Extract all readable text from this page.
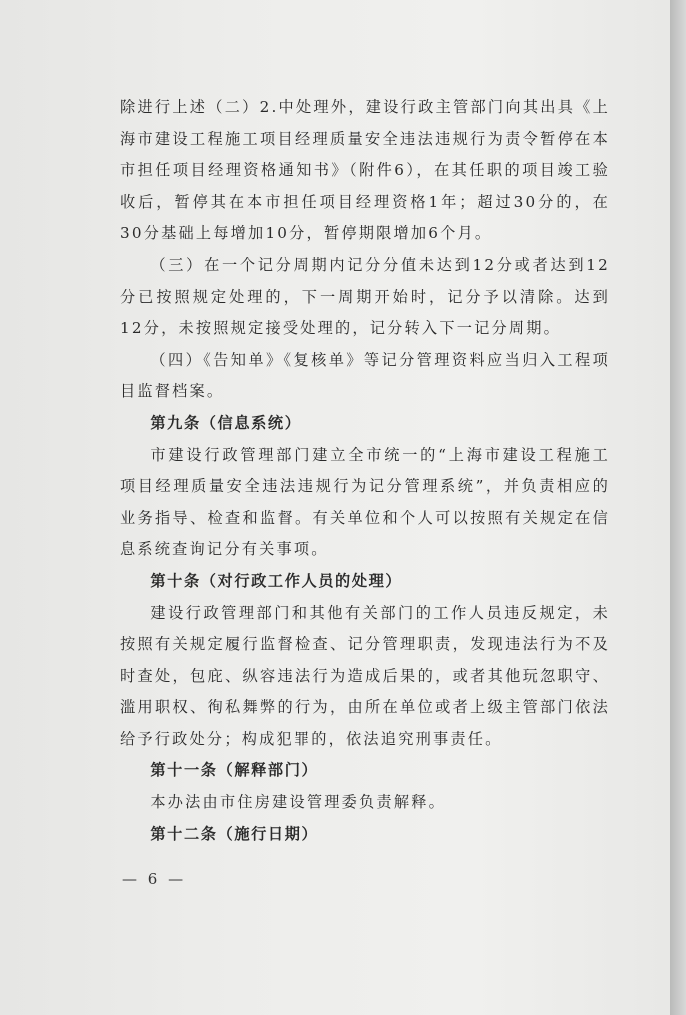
除进行上述（二）2.中处理外，建设行政主管部门向其出具《上海市建设工程施工项目经理质量安全违法违规行为责令暂停在本市担任项目经理资格通知书》（附件6），在其任职的项目竣工验收后，暂停其在本市担任项目经理资格1年；超过30分的，在30分基础上每增加10分，暂停期限增加6个月。

（三）在一个记分周期内记分分值未达到12分或者达到12分已按照规定处理的，下一周期开始时，记分予以清除。达到12分，未按照规定接受处理的，记分转入下一记分周期。

（四）《告知单》《复核单》等记分管理资料应当归入工程项目监督档案。

第九条（信息系统）

市建设行政管理部门建立全市统一的“上海市建设工程施工项目经理质量安全违法违规行为记分管理系统”，并负责相应的业务指导、检查和监督。有关单位和个人可以按照有关规定在信息系统查询记分有关事项。

第十条（对行政工作人员的处理）

建设行政管理部门和其他有关部门的工作人员违反规定，未按照有关规定履行监督检查、记分管理职责，发现违法行为不及时查处，包庇、纵容违法行为造成后果的，或者其他玩忽职守、滥用职权、徇私舞弊的行为，由所在单位或者上级主管部门依法给予行政处分；构成犯罪的，依法追究刑事责任。

第十一条（解释部门）

本办法由市住房建设管理委负责解释。

第十二条（施行日期）

— 6 —
